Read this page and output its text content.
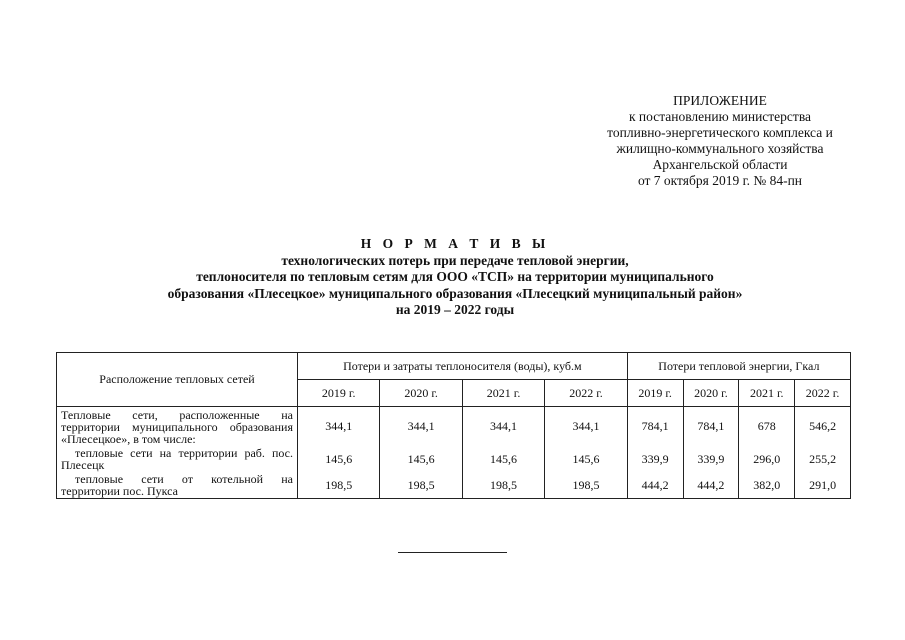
ПРИЛОЖЕНИЕ
к постановлению министерства
топливно-энергетического комплекса и
жилищно-коммунального хозяйства
Архангельской области
от 7 октября 2019 г. № 84-пн
Н О Р М А Т И В Ы
технологических потерь при передаче тепловой энергии,
теплоносителя по тепловым сетям для ООО «ТСП» на территории муниципального
образования «Плесецкое» муниципального образования «Плесецкий муниципальный район»
на 2019 – 2022 годы
Расположение тепловых сетей	Потери и затраты теплоносителя (воды), куб.м				Потери тепловой энергии, Гкал			
	2019 г.	2020 г.	2021 г.	2022 г.	2019 г.	2020 г.	2021 г.	2022 г.
Тепловые сети, расположенные на территории муниципального образования «Плесецкое», в том числе:	344,1	344,1	344,1	344,1	784,1	784,1	678	546,2
тепловые сети на территории раб. пос. Плесецк	145,6	145,6	145,6	145,6	339,9	339,9	296,0	255,2
тепловые сети от котельной на территории пос. Пукса	198,5	198,5	198,5	198,5	444,2	444,2	382,0	291,0
